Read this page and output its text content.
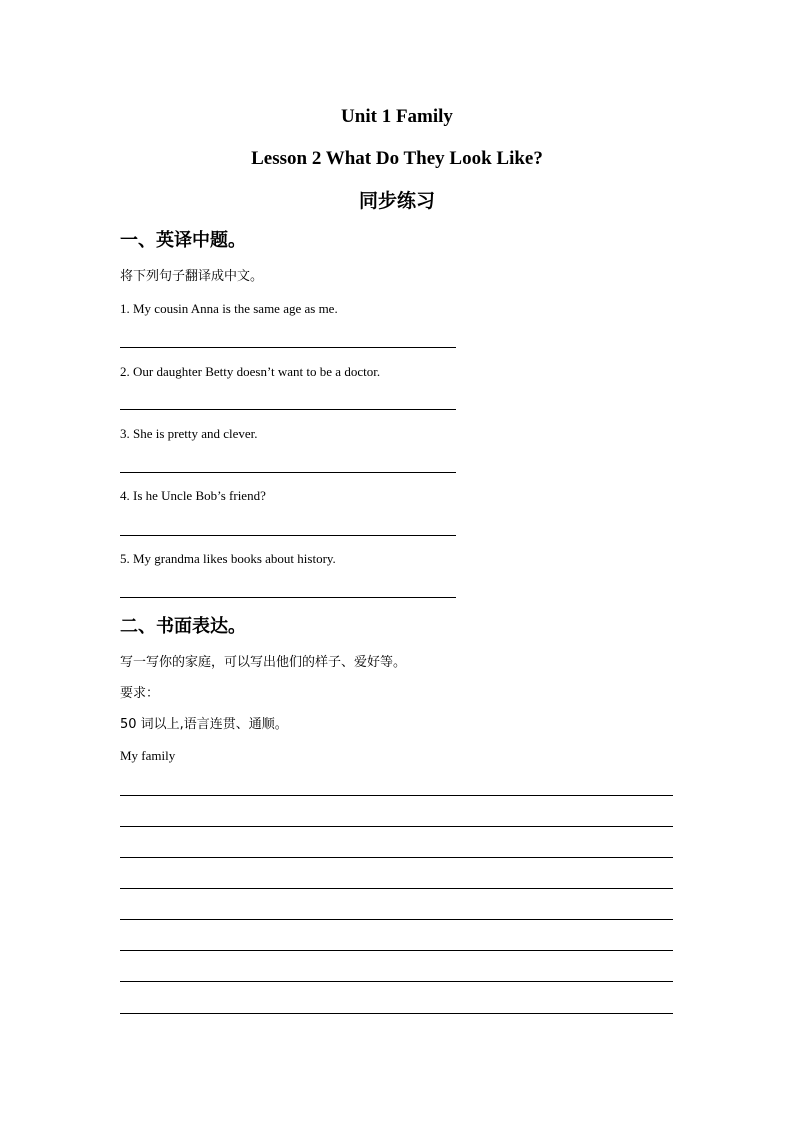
Unit 1 Family
Lesson 2 What Do They Look Like?
同步练习
一、英译中题。
将下列句子翻译成中文。
1. My cousin Anna is the same age as me.
2. Our daughter Betty doesn’t want to be a doctor.
3. She is pretty and clever.
4. Is he Uncle Bob’s friend?
5. My grandma likes books about history.
二、书面表达。
写一写你的家庭，可以写出他们的样子、爱好等。
要求：
50 词以上,语言连贯、通顺。
My family
